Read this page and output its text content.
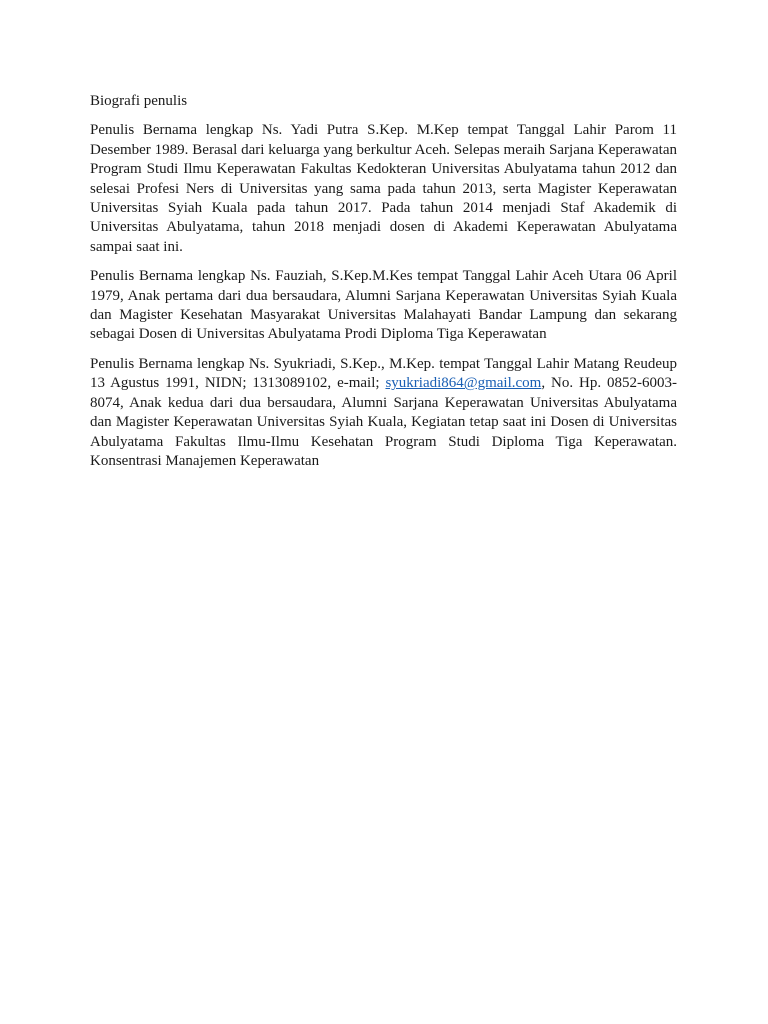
Biografi penulis

Penulis Bernama lengkap Ns. Yadi Putra S.Kep. M.Kep tempat Tanggal Lahir Parom 11 Desember 1989. Berasal dari keluarga yang berkultur Aceh. Selepas meraih Sarjana Keperawatan Program Studi Ilmu Keperawatan Fakultas Kedokteran Universitas Abulyatama tahun 2012 dan selesai Profesi Ners di Universitas yang sama pada tahun 2013, serta Magister Keperawatan Universitas Syiah Kuala pada tahun 2017. Pada tahun 2014 menjadi Staf Akademik di Universitas Abulyatama, tahun 2018 menjadi dosen di Akademi Keperawatan Abulyatama sampai saat ini.

Penulis Bernama lengkap Ns. Fauziah, S.Kep.M.Kes tempat Tanggal Lahir Aceh Utara 06 April 1979, Anak pertama dari dua bersaudara, Alumni Sarjana Keperawatan Universitas Syiah Kuala dan Magister Kesehatan Masyarakat Universitas Malahayati Bandar Lampung dan sekarang sebagai Dosen di Universitas Abulyatama Prodi Diploma Tiga Keperawatan

Penulis Bernama lengkap Ns. Syukriadi, S.Kep., M.Kep. tempat Tanggal Lahir Matang Reudeup 13 Agustus 1991, NIDN; 1313089102, e-mail; syukriadi864@gmail.com, No. Hp. 0852-6003-8074, Anak kedua dari dua bersaudara, Alumni Sarjana Keperawatan Universitas Abulyatama dan Magister Keperawatan Universitas Syiah Kuala, Kegiatan tetap saat ini Dosen di Universitas Abulyatama Fakultas Ilmu-Ilmu Kesehatan Program Studi Diploma Tiga Keperawatan. Konsentrasi Manajemen Keperawatan
